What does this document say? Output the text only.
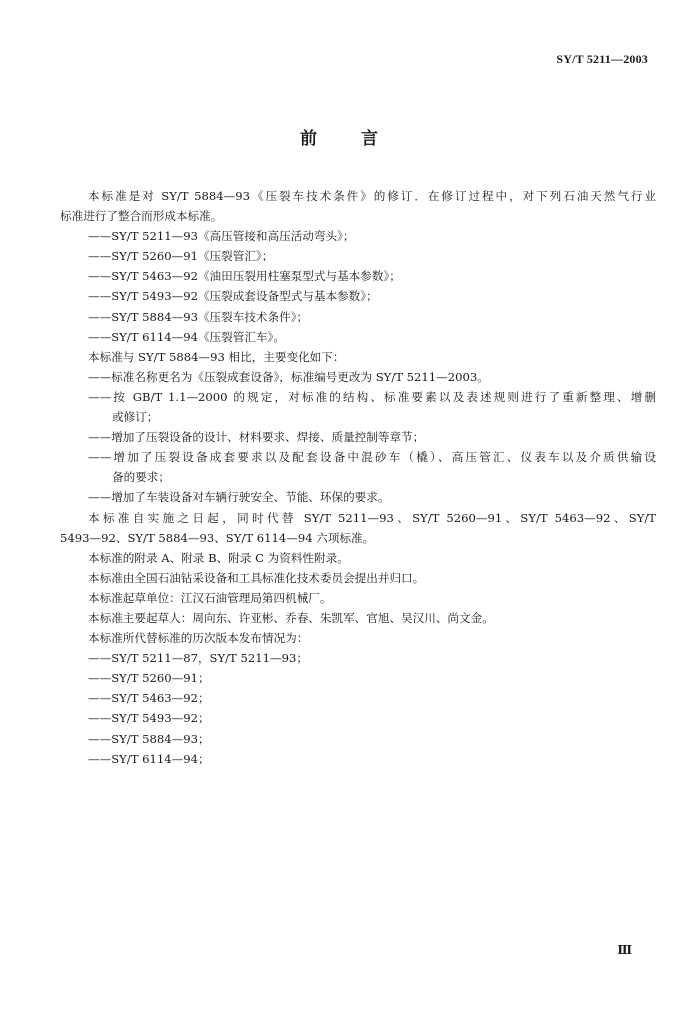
SY/T 5211—2003
前言
本标准是对 SY/T 5884—93《压裂车技术条件》的修订．在修订过程中，对下列石油天然气行业
标准进行了整合而形成本标准。
——SY/T 5211—93《高压管接和高压活动弯头》；
——SY/T 5260—91《压裂管汇》；
——SY/T 5463—92《油田压裂用柱塞泵型式与基本参数》；
——SY/T 5493—92《压裂成套设备型式与基本参数》；
——SY/T 5884—93《压裂车技术条件》；
——SY/T 6114—94《压裂管汇车》。
本标准与 SY/T 5884—93 相比，主要变化如下：
——标准名称更名为《压裂成套设备》，标准编号更改为 SY/T 5211—2003。
——按 GB/T 1.1—2000 的规定，对标准的结构、标准要素以及表述规则进行了重新整理、增删
或修订；
——增加了压裂设备的设计、材料要求、焊接、质量控制等章节；
——增加了压裂设备成套要求以及配套设备中混砂车（橇）、高压管汇、仪表车以及介质供输设
备的要求；
——增加了车装设备对车辆行驶安全、节能、环保的要求。
本标准自实施之日起，同时代替 SY/T 5211—93、SY/T 5260—91、SY/T 5463—92、SY/T
5493—92、SY/T 5884—93、SY/T 6114—94 六项标准。
本标准的附录 A、附录 B、附录 C 为资料性附录。
本标准由全国石油钻采设备和工具标准化技术委员会提出并归口。
本标准起草单位：江汉石油管理局第四机械厂。
本标准主要起草人：周向东、许亚彬、乔春、朱凯军、官旭、吴汉川、尚文金。
本标准所代替标准的历次版本发布情况为：
——SY/T 5211—87，SY/T 5211—93；
——SY/T 5260—91；
——SY/T 5463—92；
——SY/T 5493—92；
——SY/T 5884—93；
——SY/T 6114—94；
Ⅲ
